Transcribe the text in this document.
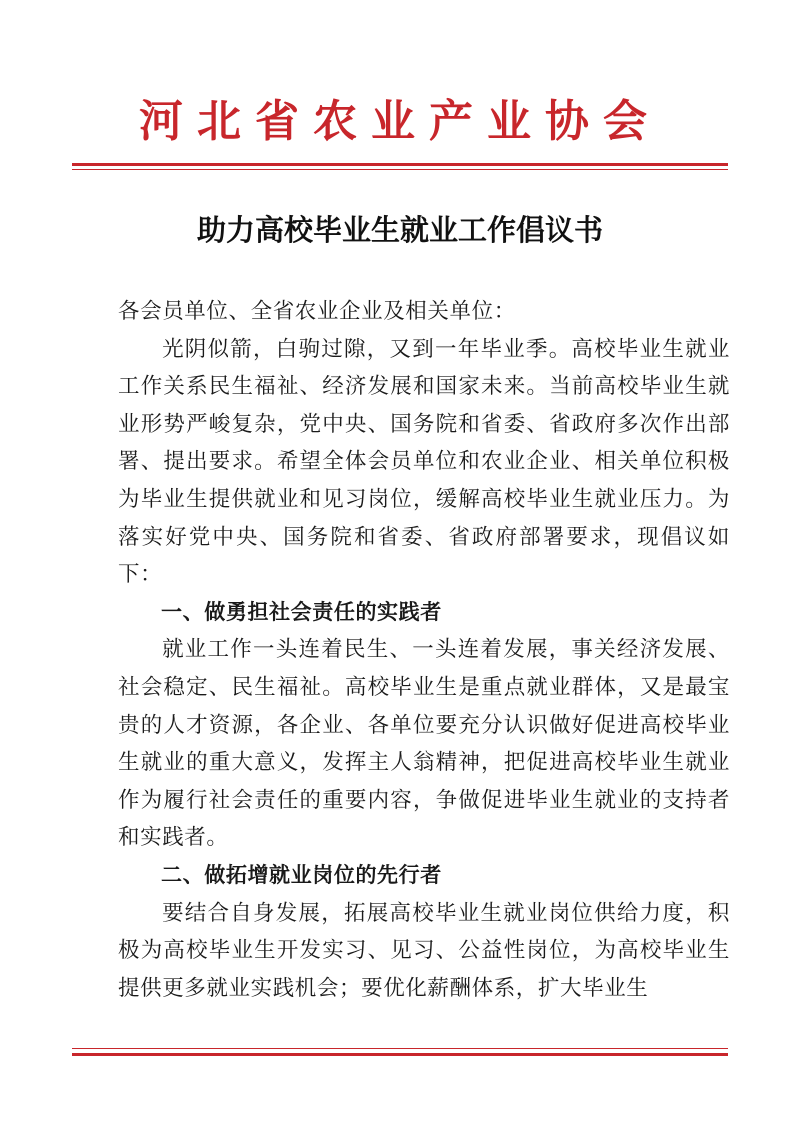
河北省农业产业协会
助力高校毕业生就业工作倡议书

各会员单位、全省农业企业及相关单位：

光阴似箭，白驹过隙，又到一年毕业季。高校毕业生就业工作关系民生福祉、经济发展和国家未来。当前高校毕业生就业形势严峻复杂，党中央、国务院和省委、省政府多次作出部署、提出要求。希望全体会员单位和农业企业、相关单位积极为毕业生提供就业和见习岗位，缓解高校毕业生就业压力。为落实好党中央、国务院和省委、省政府部署要求，现倡议如下：

一、做勇担社会责任的实践者

就业工作一头连着民生、一头连着发展，事关经济发展、社会稳定、民生福祉。高校毕业生是重点就业群体，又是最宝贵的人才资源，各企业、各单位要充分认识做好促进高校毕业生就业的重大意义，发挥主人翁精神，把促进高校毕业生就业作为履行社会责任的重要内容，争做促进毕业生就业的支持者和实践者。

二、做拓增就业岗位的先行者

要结合自身发展，拓展高校毕业生就业岗位供给力度，积极为高校毕业生开发实习、见习、公益性岗位，为高校毕业生提供更多就业实践机会；要优化薪酬体系，扩大毕业生
